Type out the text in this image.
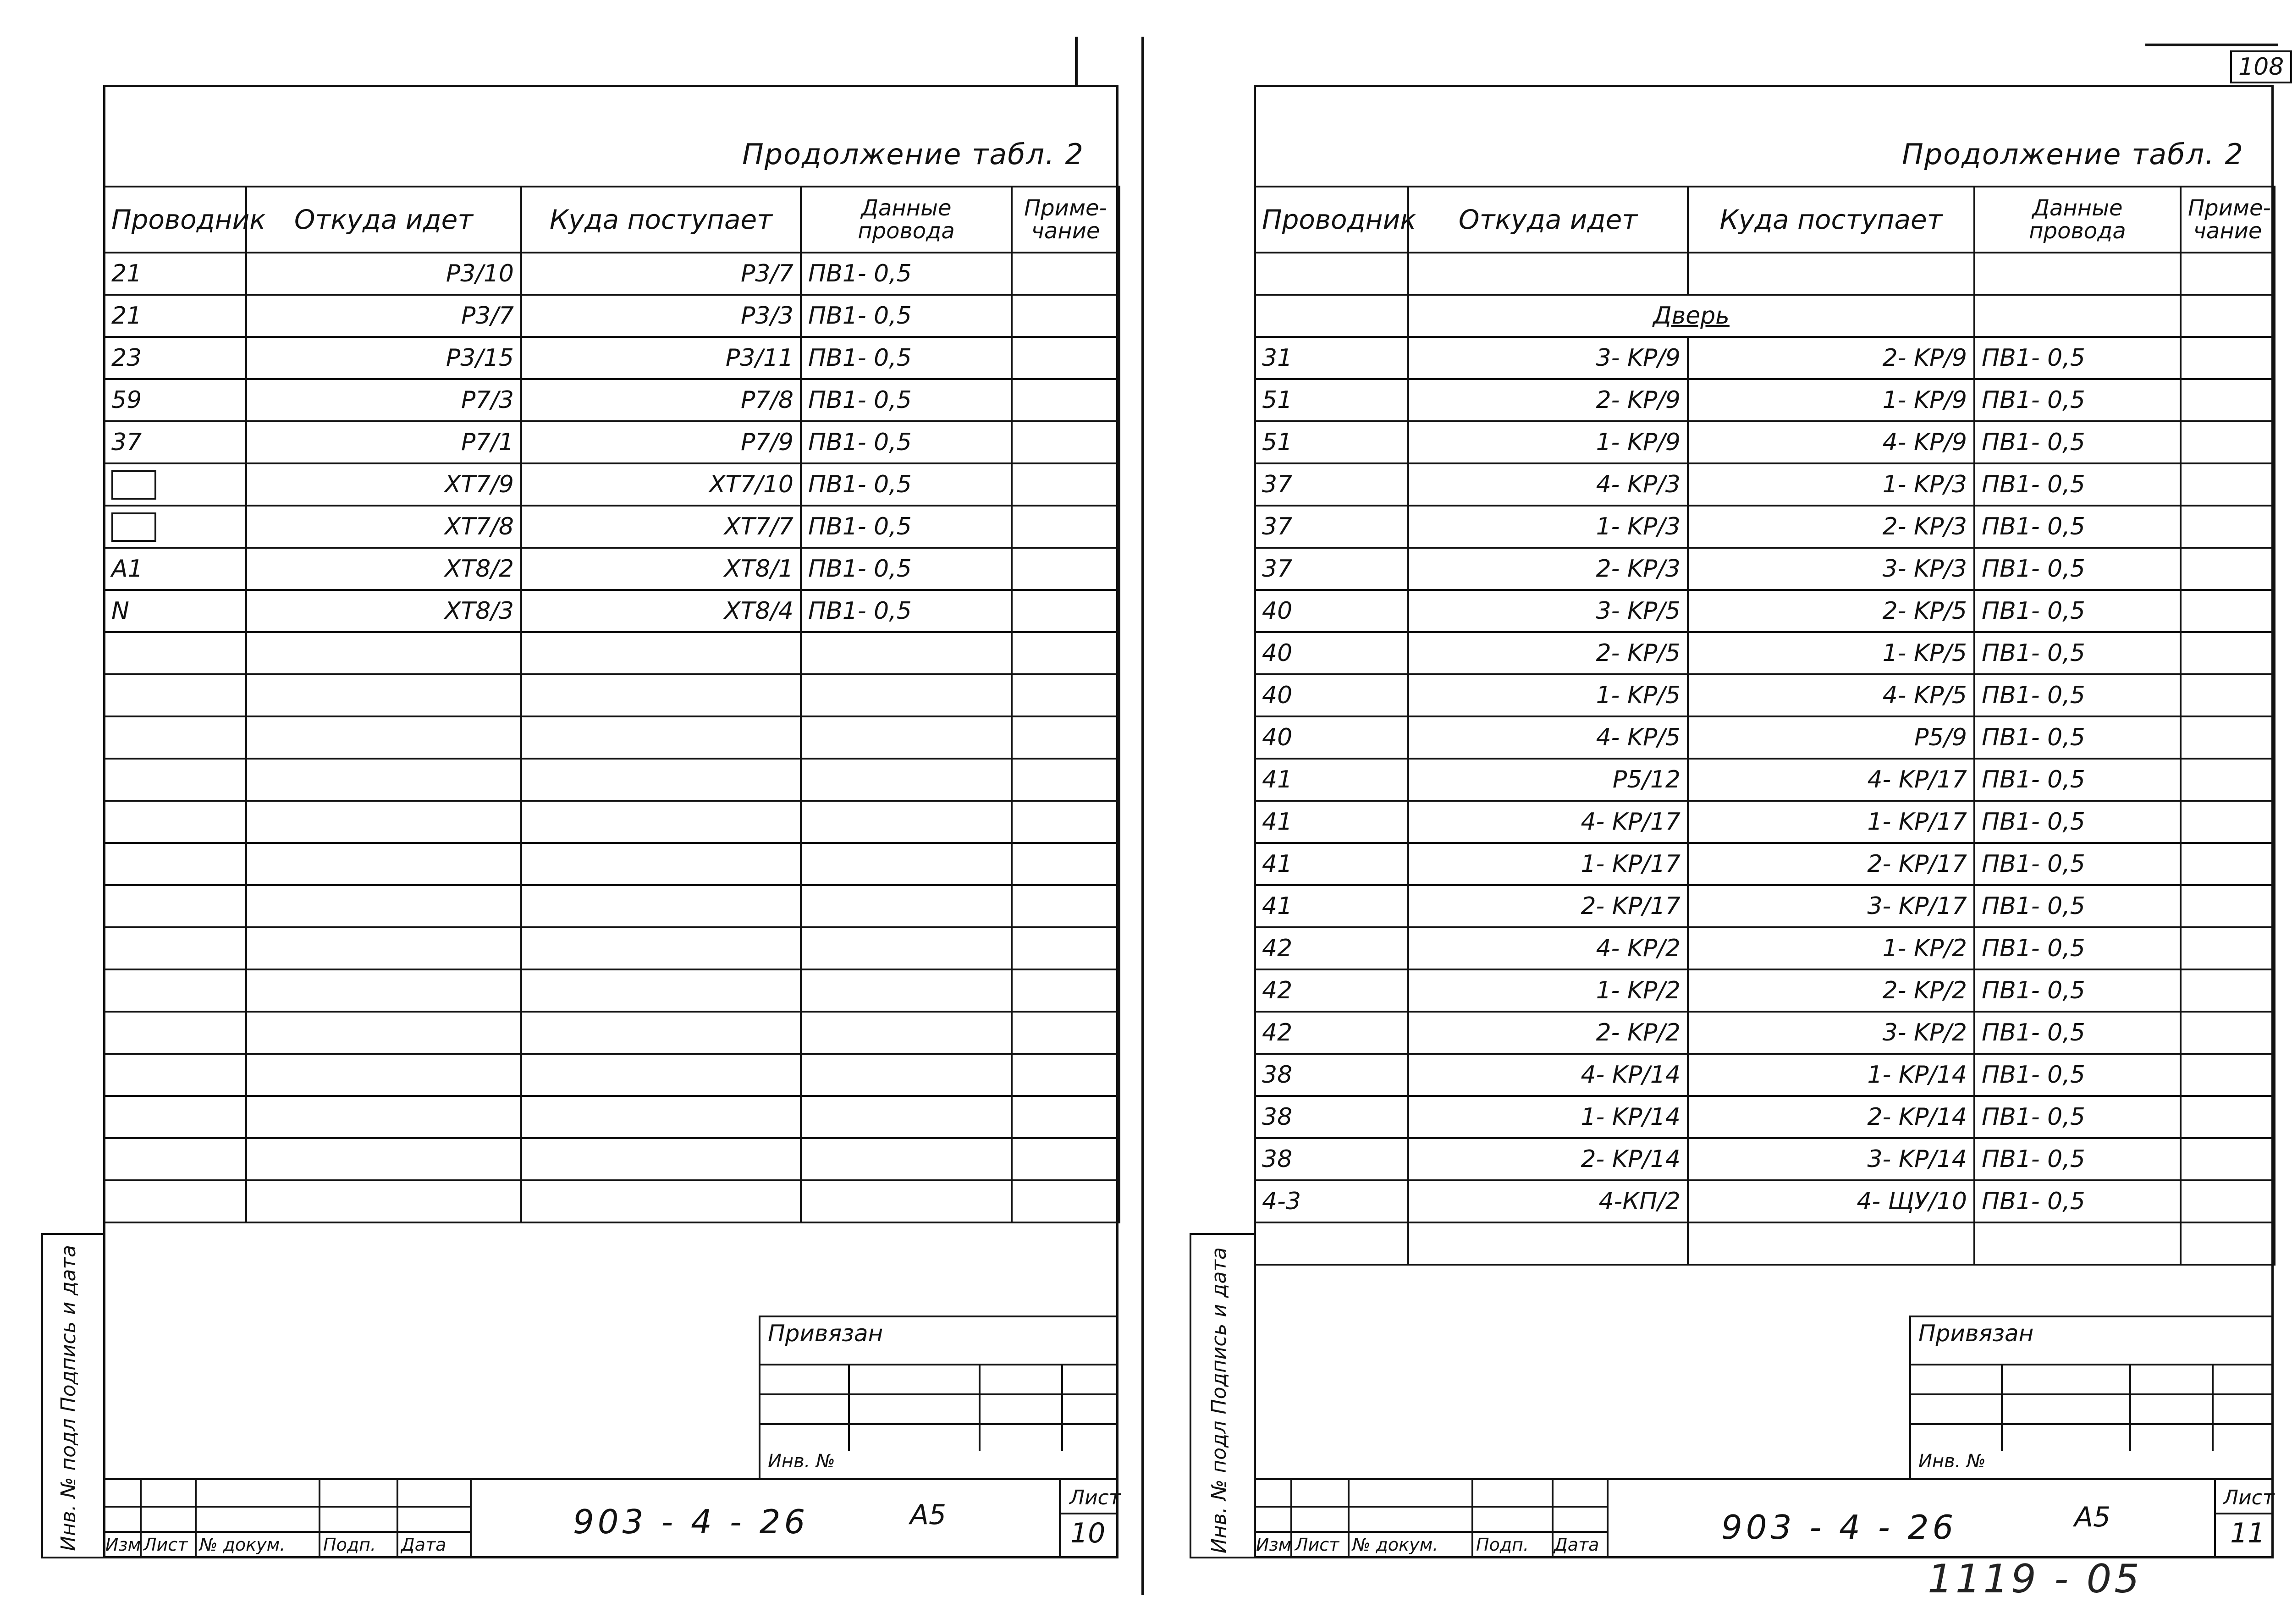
Продолжение табл. 2
Проводник	Откуда идет	Куда поступает	Данные
провода	Приме-
чание
21	P3/10	P3/7	ПВ1- 0,5	
21	P3/7	P3/3	ПВ1- 0,5	
23	P3/15	P3/11	ПВ1- 0,5	
59	P7/3	P7/8	ПВ1- 0,5	
37	P7/1	P7/9	ПВ1- 0,5	
	XT7/9	XT7/10	ПВ1- 0,5	
	XT7/8	XT7/7	ПВ1- 0,5	
A1	XT8/2	XT8/1	ПВ1- 0,5	
N	XT8/3	XT8/4	ПВ1- 0,5	

Инв. № подл Подпись и дата	Привязан
Инв. №
Изм Лист № докум. Подп. Дата
903 - 4 - 26	A5
Лист
10
108
Продолжение табл. 2
Проводник	Откуда идет	Куда поступает	Данные
провода	Приме-
чание

	Дверь			
31	3- KP/9	2- KP/9	ПВ1- 0,5	
51	2- KP/9	1- KP/9	ПВ1- 0,5	
51	1- KP/9	4- KP/9	ПВ1- 0,5	
37	4- KP/3	1- KP/3	ПВ1- 0,5	
37	1- KP/3	2- KP/3	ПВ1- 0,5	
37	2- KP/3	3- KP/3	ПВ1- 0,5	
40	3- KP/5	2- KP/5	ПВ1- 0,5	
40	2- KP/5	1- KP/5	ПВ1- 0,5	
40	1- KP/5	4- KP/5	ПВ1- 0,5	
40	4- KP/5	P5/9	ПВ1- 0,5	
41	P5/12	4- KP/17	ПВ1- 0,5	
41	4- KP/17	1- KP/17	ПВ1- 0,5	
41	1- KP/17	2- KP/17	ПВ1- 0,5	
41	2- KP/17	3- KP/17	ПВ1- 0,5	
42	4- KP/2	1- KP/2	ПВ1- 0,5	
42	1- KP/2	2- KP/2	ПВ1- 0,5	
42	2- KP/2	3- KP/2	ПВ1- 0,5	
38	4- KP/14	1- KP/14	ПВ1- 0,5	
38	1- KP/14	2- KP/14	ПВ1- 0,5	
38	2- KP/14	3- KP/14	ПВ1- 0,5	
4-3	4-КП/2	4- ЩУ/10	ПВ1- 0,5	

Инв. № подл Подпись и дата	Привязан
Инв. №
Изм Лист № докум. Подп. Дата	903 - 4 - 26	A5
Лист
11
1119 - 05
